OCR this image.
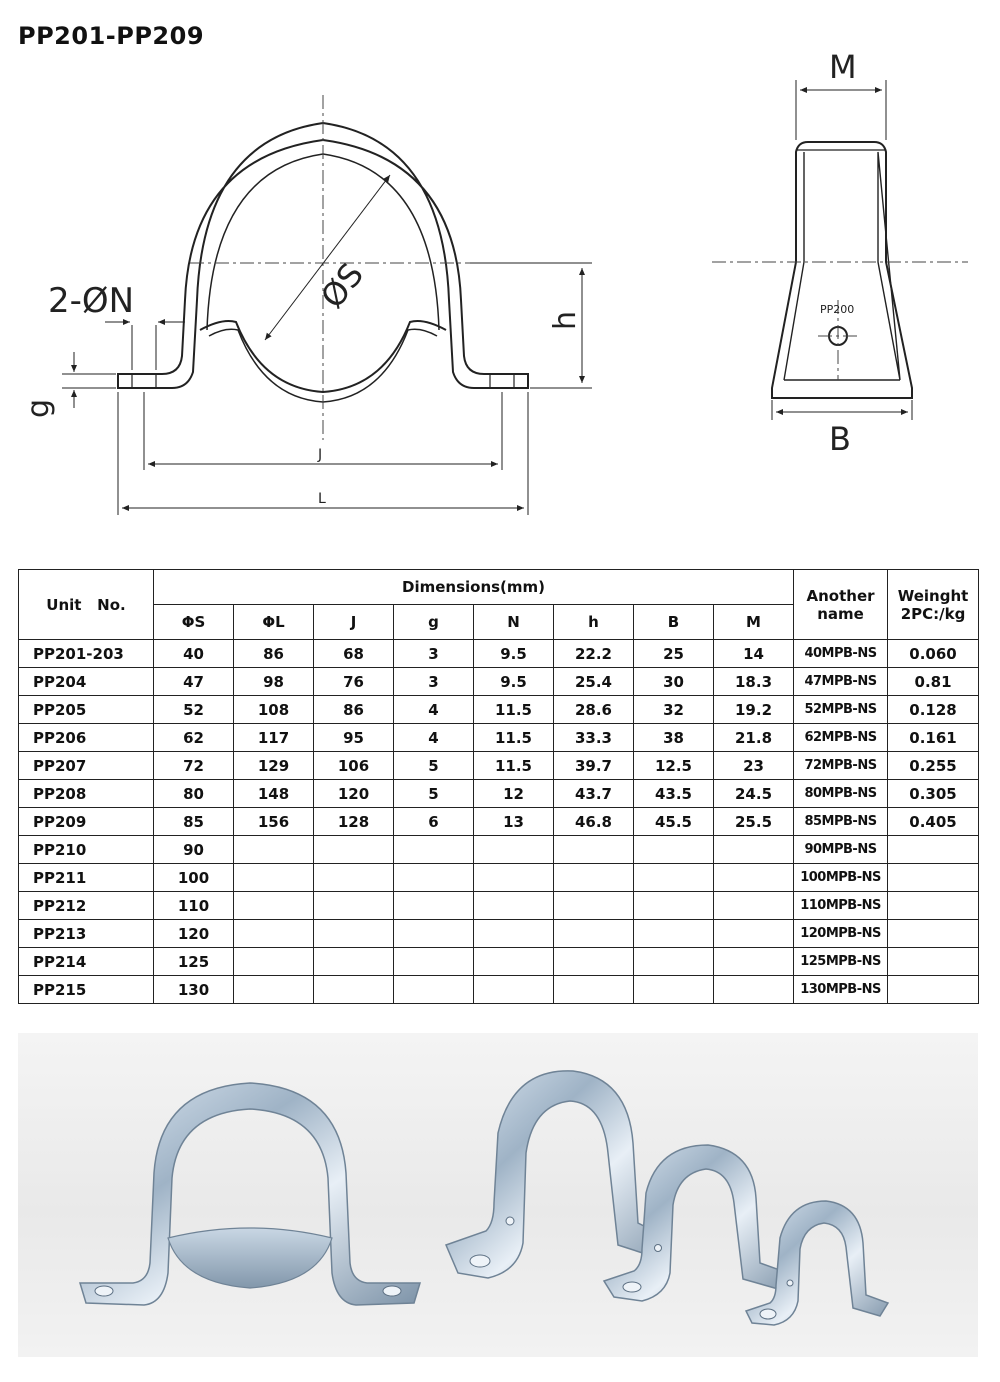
PP201-PP209
2-ØN	ØS
h
g
J
L
M
B
PP200
Unit   No.	Dimensions(mm)								Another name	Weinght 2PC:/kg
	ΦS	ΦL	J	g	N	h	B	M		
PP201-203	40	86	68	3	9.5	22.2	25	14	40MPB-NS	0.060
PP204	47	98	76	3	9.5	25.4	30	18.3	47MPB-NS	0.81
PP205	52	108	86	4	11.5	28.6	32	19.2	52MPB-NS	0.128
PP206	62	117	95	4	11.5	33.3	38	21.8	62MPB-NS	0.161
PP207	72	129	106	5	11.5	39.7	12.5	23	72MPB-NS	0.255
PP208	80	148	120	5	12	43.7	43.5	24.5	80MPB-NS	0.305
PP209	85	156	128	6	13	46.8	45.5	25.5	85MPB-NS	0.405
PP210	90								90MPB-NS	
PP211	100								100MPB-NS	
PP212	110								110MPB-NS	
PP213	120								120MPB-NS	
PP214	125								125MPB-NS	
PP215	130								130MPB-NS	
